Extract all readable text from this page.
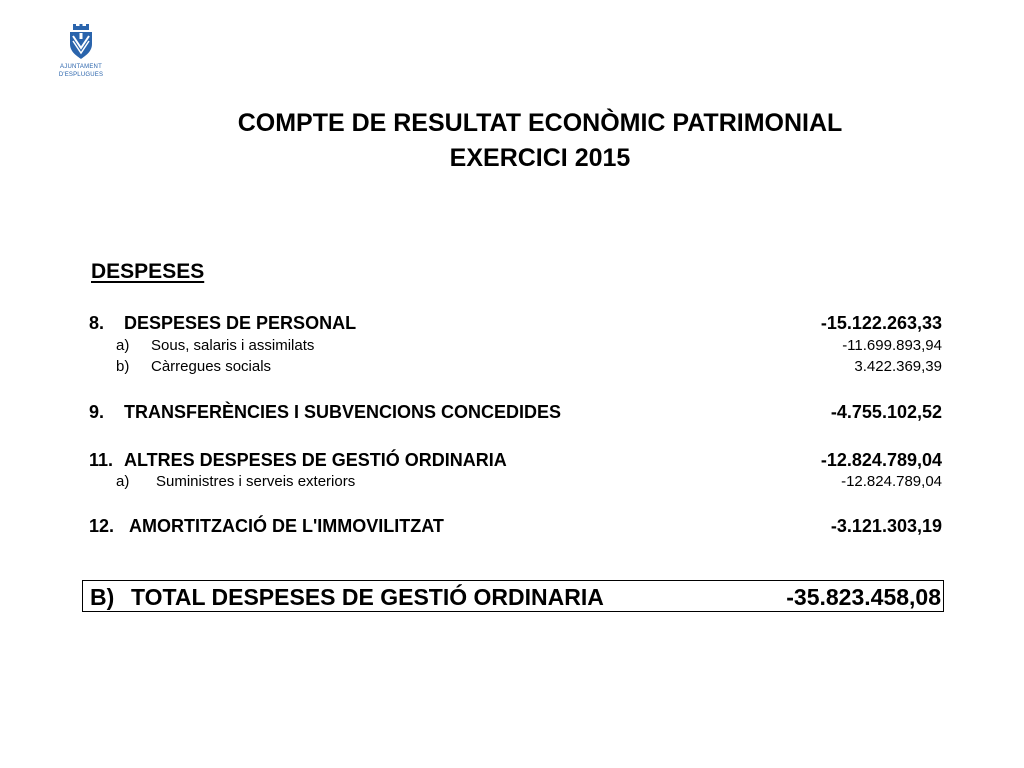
AJUNTAMENT
D'ESPLUGUES
COMPTE DE RESULTAT ECONÒMIC PATRIMONIAL
EXERCICI 2015
DESPESES
8. DESPESES DE PERSONAL	-15.122.263,33
a) Sous, salaris i assimilats	-11.699.893,94
b) Càrregues socials	3.422.369,39
9. TRANSFERÈNCIES I SUBVENCIONS CONCEDIDES	-4.755.102,52
11. ALTRES DESPESES DE GESTIÓ ORDINARIA	-12.824.789,04
a) Suministres i serveis exteriors	-12.824.789,04
12. AMORTITZACIÓ DE L'IMMOVILITZAT	-3.121.303,19
B) TOTAL DESPESES DE GESTIÓ ORDINARIA	-35.823.458,08
